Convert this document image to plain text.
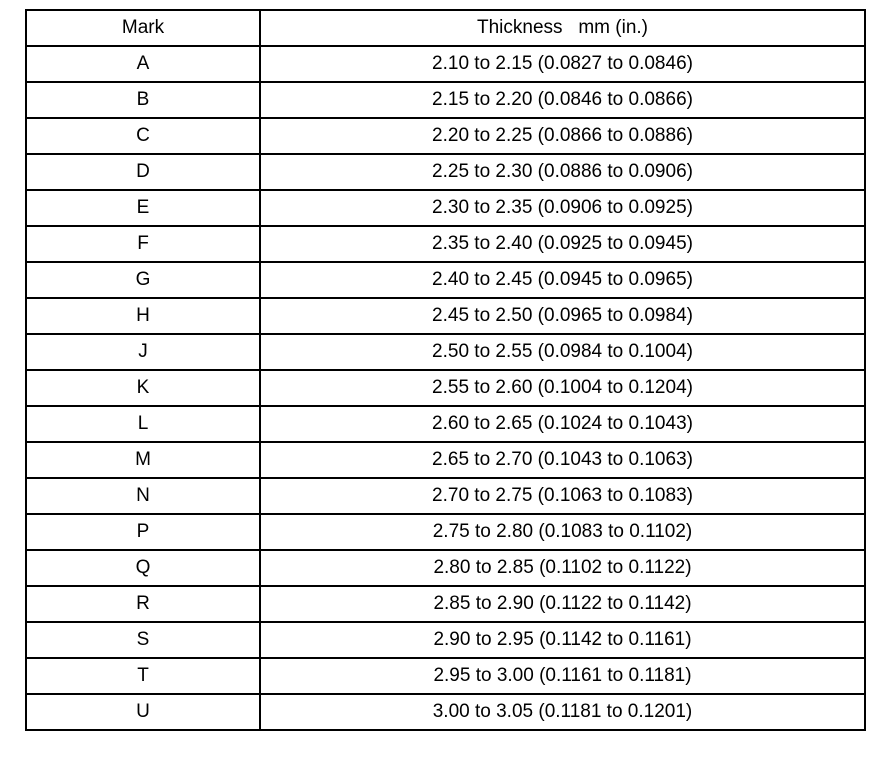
Mark	Thickness   mm (in.)
A	2.10 to 2.15 (0.0827 to 0.0846)
B	2.15 to 2.20 (0.0846 to 0.0866)
C	2.20 to 2.25 (0.0866 to 0.0886)
D	2.25 to 2.30 (0.0886 to 0.0906)
E	2.30 to 2.35 (0.0906 to 0.0925)
F	2.35 to 2.40 (0.0925 to 0.0945)
G	2.40 to 2.45 (0.0945 to 0.0965)
H	2.45 to 2.50 (0.0965 to 0.0984)
J	2.50 to 2.55 (0.0984 to 0.1004)
K	2.55 to 2.60 (0.1004 to 0.1204)
L	2.60 to 2.65 (0.1024 to 0.1043)
M	2.65 to 2.70 (0.1043 to 0.1063)
N	2.70 to 2.75 (0.1063 to 0.1083)
P	2.75 to 2.80 (0.1083 to 0.1102)
Q	2.80 to 2.85 (0.1102 to 0.1122)
R	2.85 to 2.90 (0.1122 to 0.1142)
S	2.90 to 2.95 (0.1142 to 0.1161)
T	2.95 to 3.00 (0.1161 to 0.1181)
U	3.00 to 3.05 (0.1181 to 0.1201)
